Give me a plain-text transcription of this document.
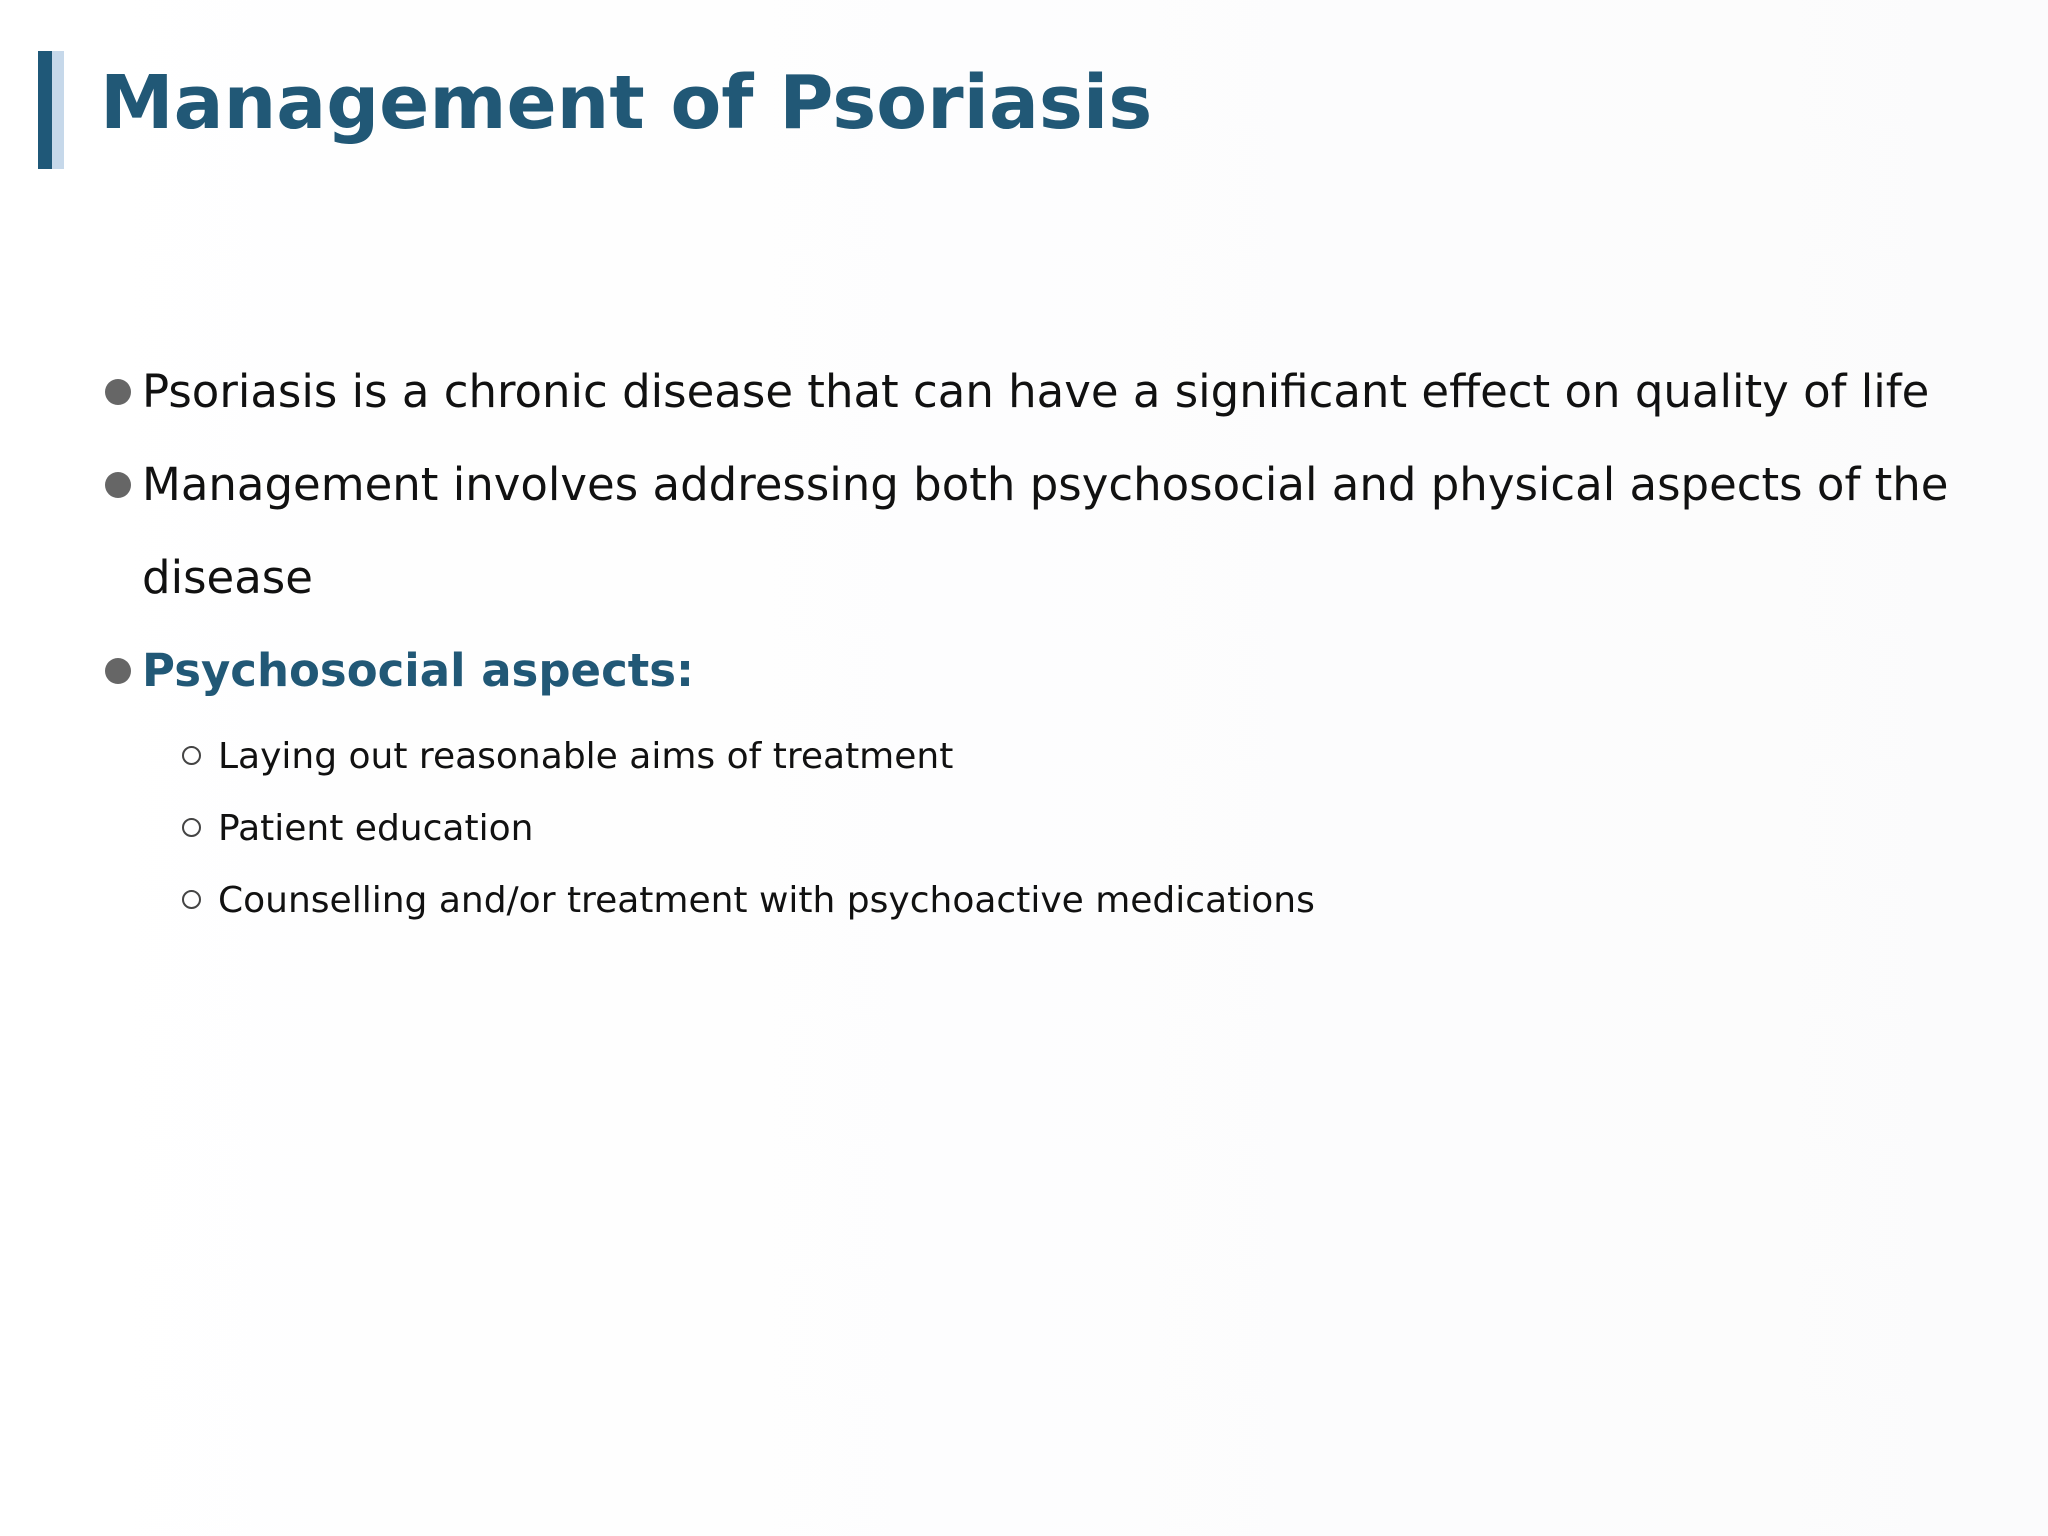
Management of Psoriasis
Psoriasis is a chronic disease that can have a significant effect on quality of life
Management involves addressing both psychosocial and physical aspects of the disease
Psychosocial aspects:
Laying out reasonable aims of treatment
Patient education
Counselling and/or treatment with psychoactive medications
